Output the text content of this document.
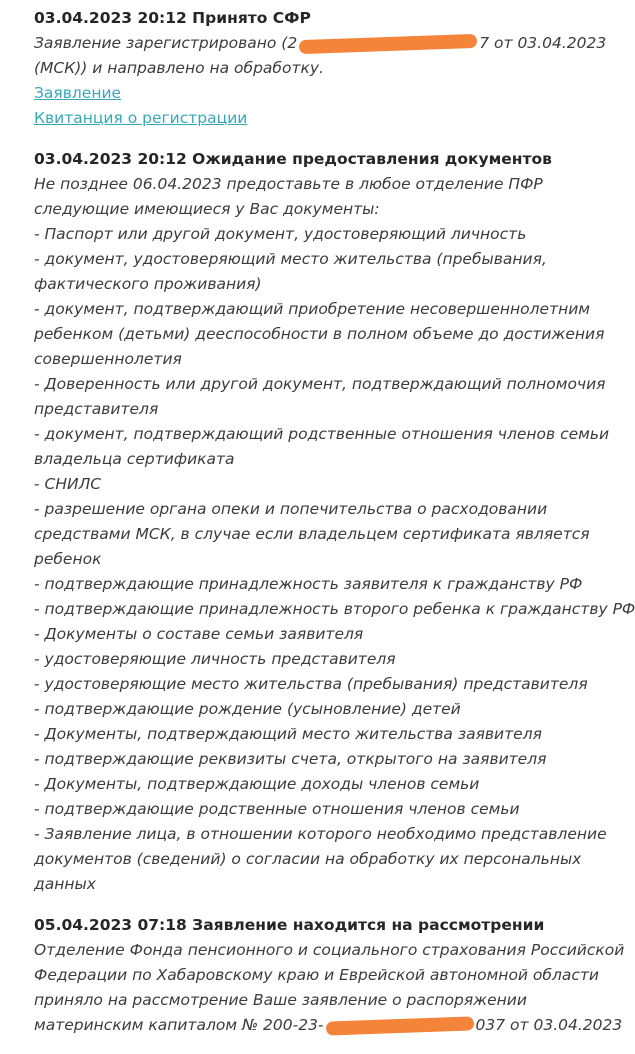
03.04.2023 20:12 Принято СФР
Заявление зарегистрировано (2	7 от 03.04.2023
(МСК)) и направлено на обработку.
Заявление
Квитанция о регистрации
03.04.2023 20:12 Ожидание предоставления документов
Не позднее 06.04.2023 предоставьте в любое отделение ПФР
следующие имеющиеся у Вас документы:
- Паспорт или другой документ, удостоверяющий личность
- документ, удостоверяющий место жительства (пребывания,
фактического проживания)
- документ, подтверждающий приобретение несовершеннолетним
ребенком (детьми) дееспособности в полном объеме до достижения
совершеннолетия
- Доверенность или другой документ, подтверждающий полномочия
представителя
- документ, подтверждающий родственные отношения членов семьи
владельца сертификата
- СНИЛС
- разрешение органа опеки и попечительства о расходовании
средствами МСК, в случае если владельцем сертификата является
ребенок
- подтверждающие принадлежность заявителя к гражданству РФ
- подтверждающие принадлежность второго ребенка к гражданству РФ
- Документы о составе семьи заявителя
- удостоверяющие личность представителя
- удостоверяющие место жительства (пребывания) представителя
- подтверждающие рождение (усыновление) детей
- Документы, подтверждающий место жительства заявителя
- подтверждающие реквизиты счета, открытого на заявителя
- Документы, подтверждающие доходы членов семьи
- подтверждающие родственные отношения членов семьи
- Заявление лица, в отношении которого необходимо представление
документов (сведений) о согласии на обработку их персональных
данных
05.04.2023 07:18 Заявление находится на рассмотрении
Отделение Фонда пенсионного и социального страхования Российской
Федерации по Хабаровскому краю и Еврейской автономной области
приняло на рассмотрение Ваше заявление о распоряжении
материнским капиталом № 200-23-	037 от 03.04.2023
